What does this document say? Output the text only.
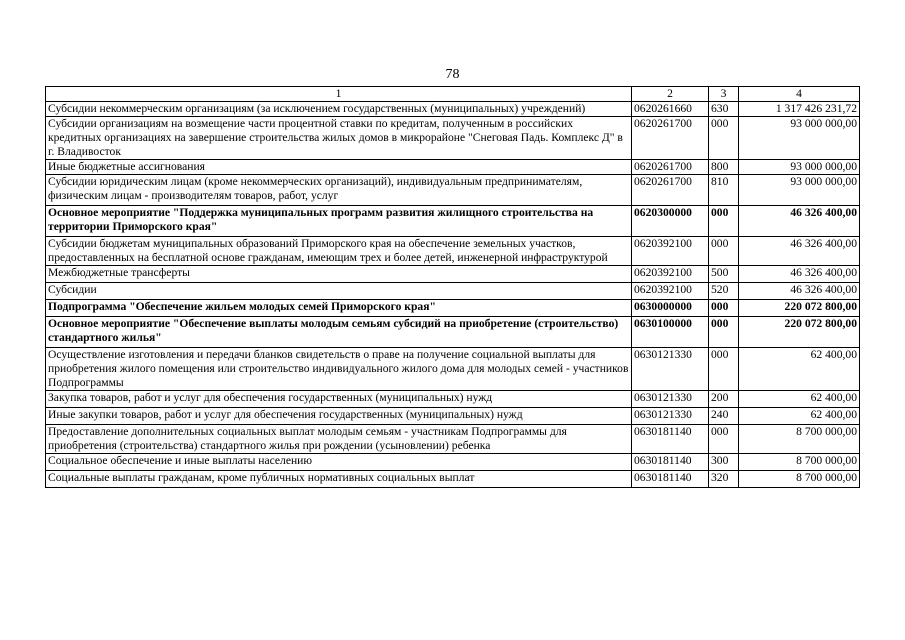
78
1	2	3	4
Субсидии некоммерческим организациям (за исключением государственных (муниципальных) учреждений)	0620261660	630	1 317 426 231,72
Субсидии организациям на возмещение части процентной ставки по кредитам, полученным в российских кредитных организациях на завершение строительства жилых домов в микрорайоне "Снеговая Падь. Комплекс Д" в г. Владивосток	0620261700	000	93 000 000,00
Иные бюджетные ассигнования	0620261700	800	93 000 000,00
Субсидии юридическим лицам (кроме некоммерческих организаций), индивидуальным предпринимателям, физическим лицам - производителям товаров, работ, услуг	0620261700	810	93 000 000,00
Основное мероприятие "Поддержка муниципальных программ развития жилищного строительства на территории Приморского края"	0620300000	000	46 326 400,00
Субсидии бюджетам муниципальных образований Приморского края на обеспечение земельных участков, предоставленных на бесплатной основе гражданам, имеющим трех и более детей, инженерной инфраструктурой	0620392100	000	46 326 400,00
Межбюджетные трансферты	0620392100	500	46 326 400,00
Субсидии	0620392100	520	46 326 400,00
Подпрограмма "Обеспечение жильем молодых семей Приморского края"	0630000000	000	220 072 800,00
Основное мероприятие "Обеспечение выплаты молодым семьям субсидий на приобретение (строительство) стандартного жилья"	0630100000	000	220 072 800,00
Осуществление изготовления и передачи бланков свидетельств о праве на получение социальной выплаты для приобретения жилого помещения или строительство индивидуального жилого дома для молодых семей - участников Подпрограммы	0630121330	000	62 400,00
Закупка товаров, работ и услуг для обеспечения государственных (муниципальных) нужд	0630121330	200	62 400,00
Иные закупки товаров, работ и услуг для обеспечения государственных (муниципальных) нужд	0630121330	240	62 400,00
Предоставление дополнительных социальных выплат молодым семьям - участникам Подпрограммы для приобретения (строительства) стандартного жилья при рождении (усыновлении) ребенка	0630181140	000	8 700 000,00
Социальное обеспечение и иные выплаты населению	0630181140	300	8 700 000,00
Социальные выплаты гражданам, кроме публичных нормативных социальных выплат	0630181140	320	8 700 000,00
